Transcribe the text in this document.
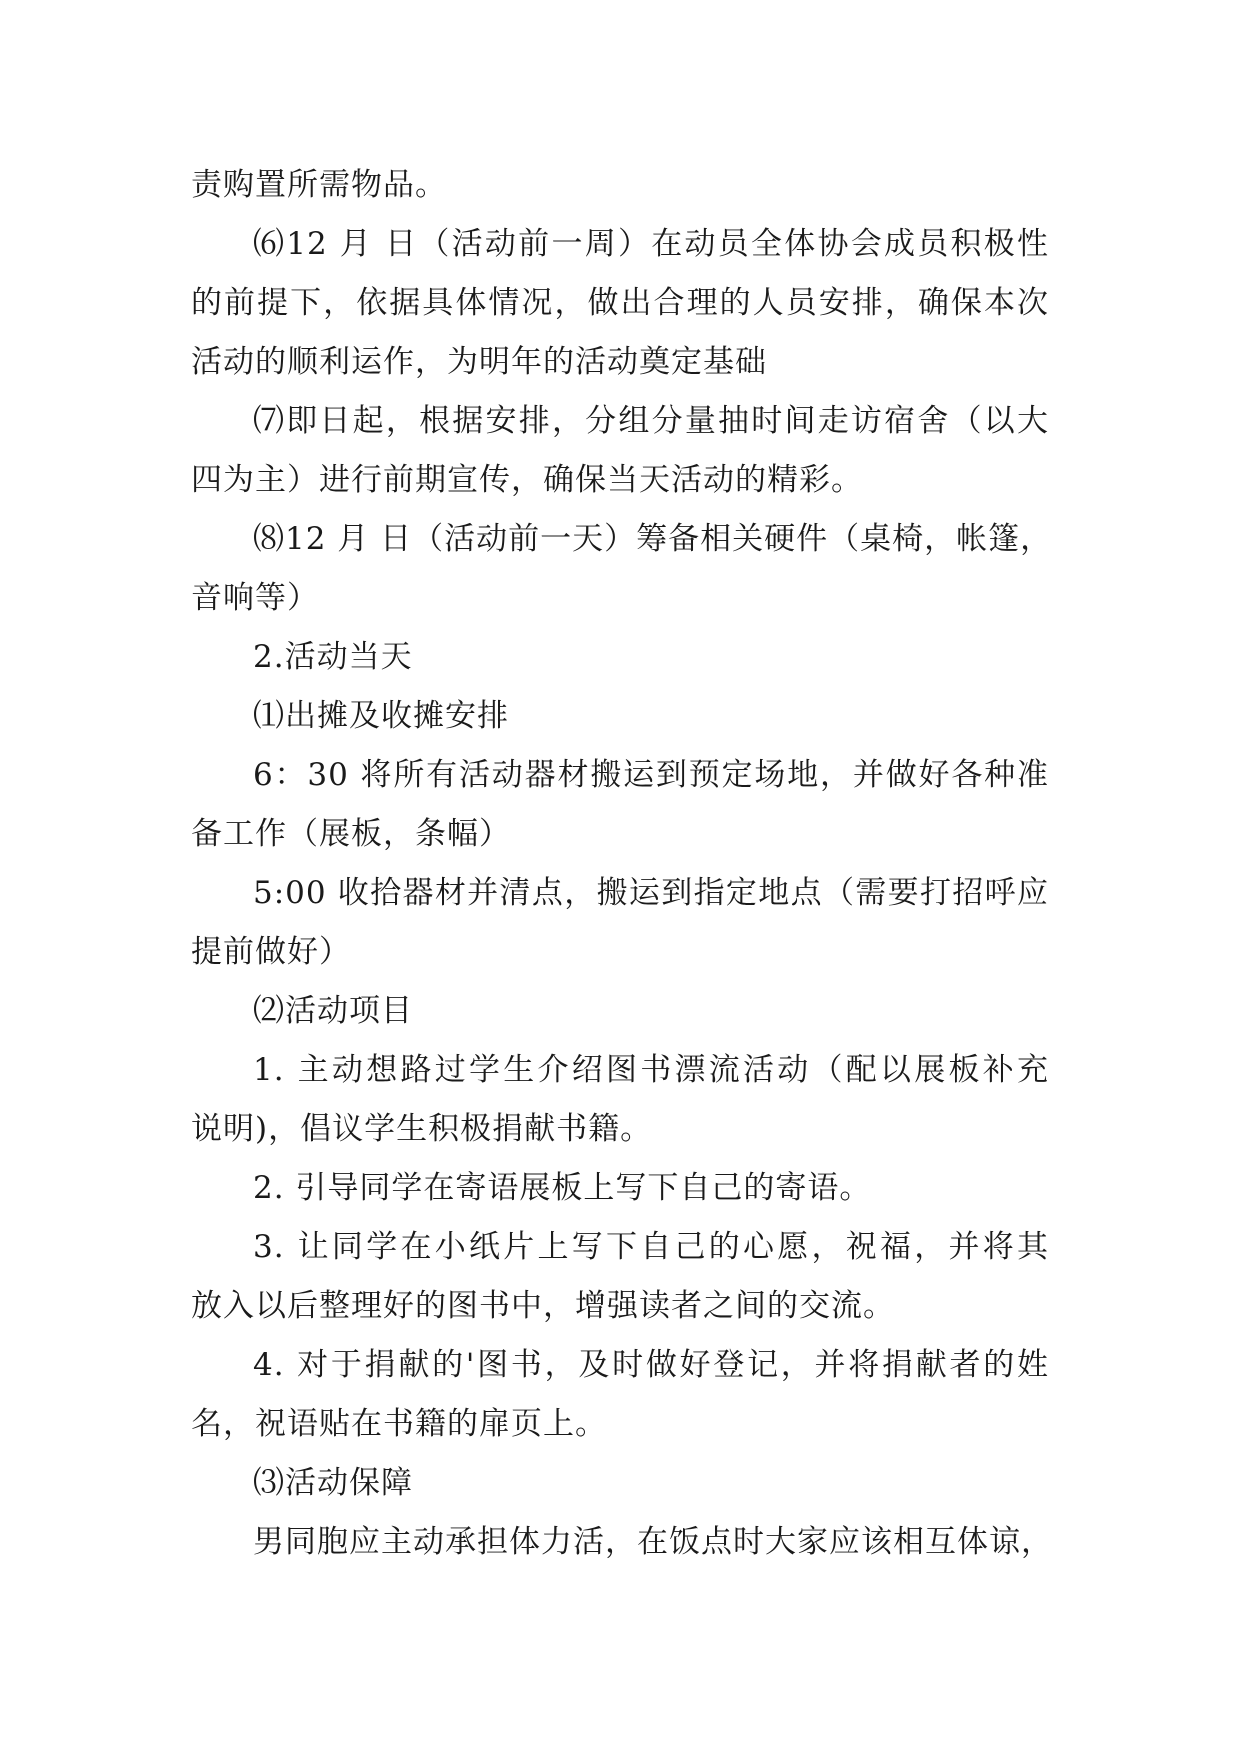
责购置所需物品。
⑹12 月 日（活动前一周）在动员全体协会成员积极性
的前提下，依据具体情况，做出合理的人员安排，确保本次
活动的顺利运作，为明年的活动奠定基础
⑺即日起，根据安排，分组分量抽时间走访宿舍（以大
四为主）进行前期宣传，确保当天活动的精彩。
⑻12 月 日（活动前一天）筹备相关硬件（桌椅，帐篷，
音响等）
2.活动当天
⑴出摊及收摊安排
6：30 将所有活动器材搬运到预定场地，并做好各种准
备工作（展板，条幅）
5:00 收拾器材并清点，搬运到指定地点（需要打招呼应
提前做好）
⑵活动项目
1. 主动想路过学生介绍图书漂流活动（配以展板补充
说明)，倡议学生积极捐献书籍。
2. 引导同学在寄语展板上写下自己的寄语。
3. 让同学在小纸片上写下自己的心愿，祝福，并将其
放入以后整理好的图书中，增强读者之间的交流。
4. 对于捐献的'图书，及时做好登记，并将捐献者的姓
名，祝语贴在书籍的扉页上。
⑶活动保障
男同胞应主动承担体力活，在饭点时大家应该相互体谅，
